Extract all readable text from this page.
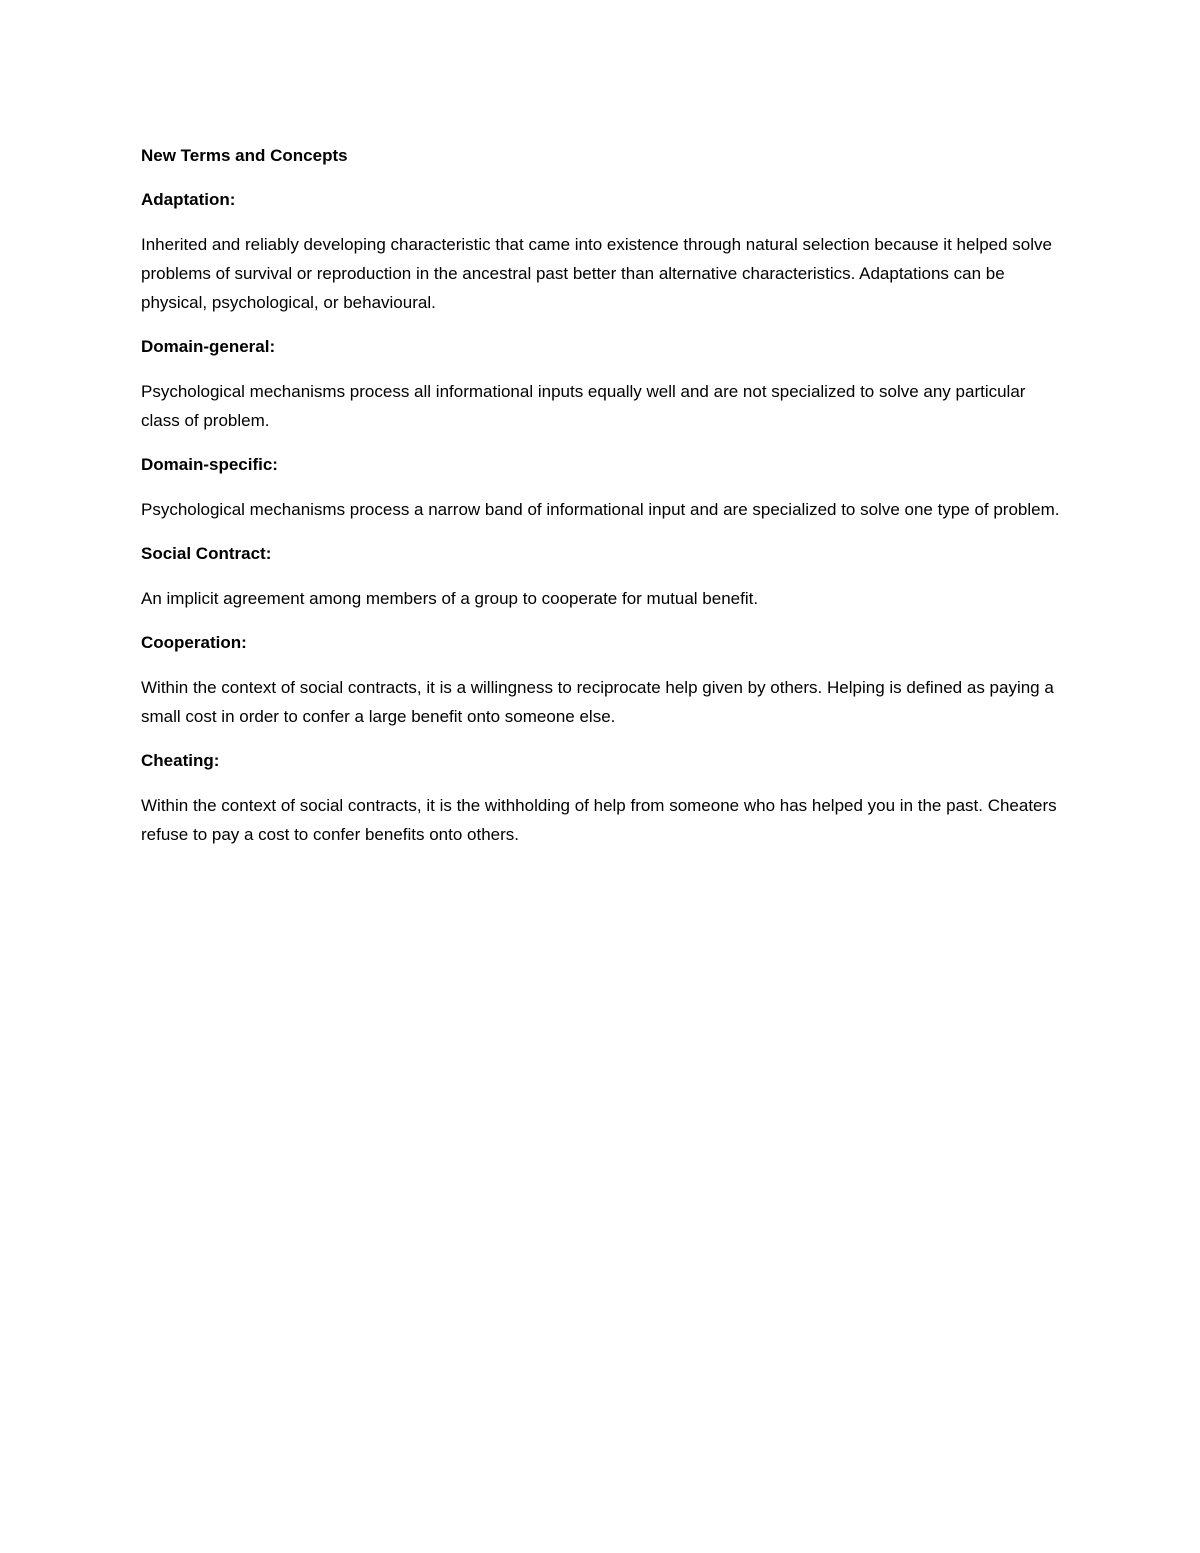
New Terms and Concepts
Adaptation:
Inherited and reliably developing characteristic that came into existence through natural selection because it helped solve problems of survival or reproduction in the ancestral past better than alternative characteristics. Adaptations can be physical, psychological, or behavioural.
Domain-general:
Psychological mechanisms process all informational inputs equally well and are not specialized to solve any particular class of problem.
Domain-specific:
Psychological mechanisms process a narrow band of informational input and are specialized to solve one type of problem.
Social Contract:
An implicit agreement among members of a group to cooperate for mutual benefit.
Cooperation:
Within the context of social contracts, it is a willingness to reciprocate help given by others. Helping is defined as paying a small cost in order to confer a large benefit onto someone else.
Cheating:
Within the context of social contracts, it is the withholding of help from someone who has helped you in the past. Cheaters refuse to pay a cost to confer benefits onto others.
